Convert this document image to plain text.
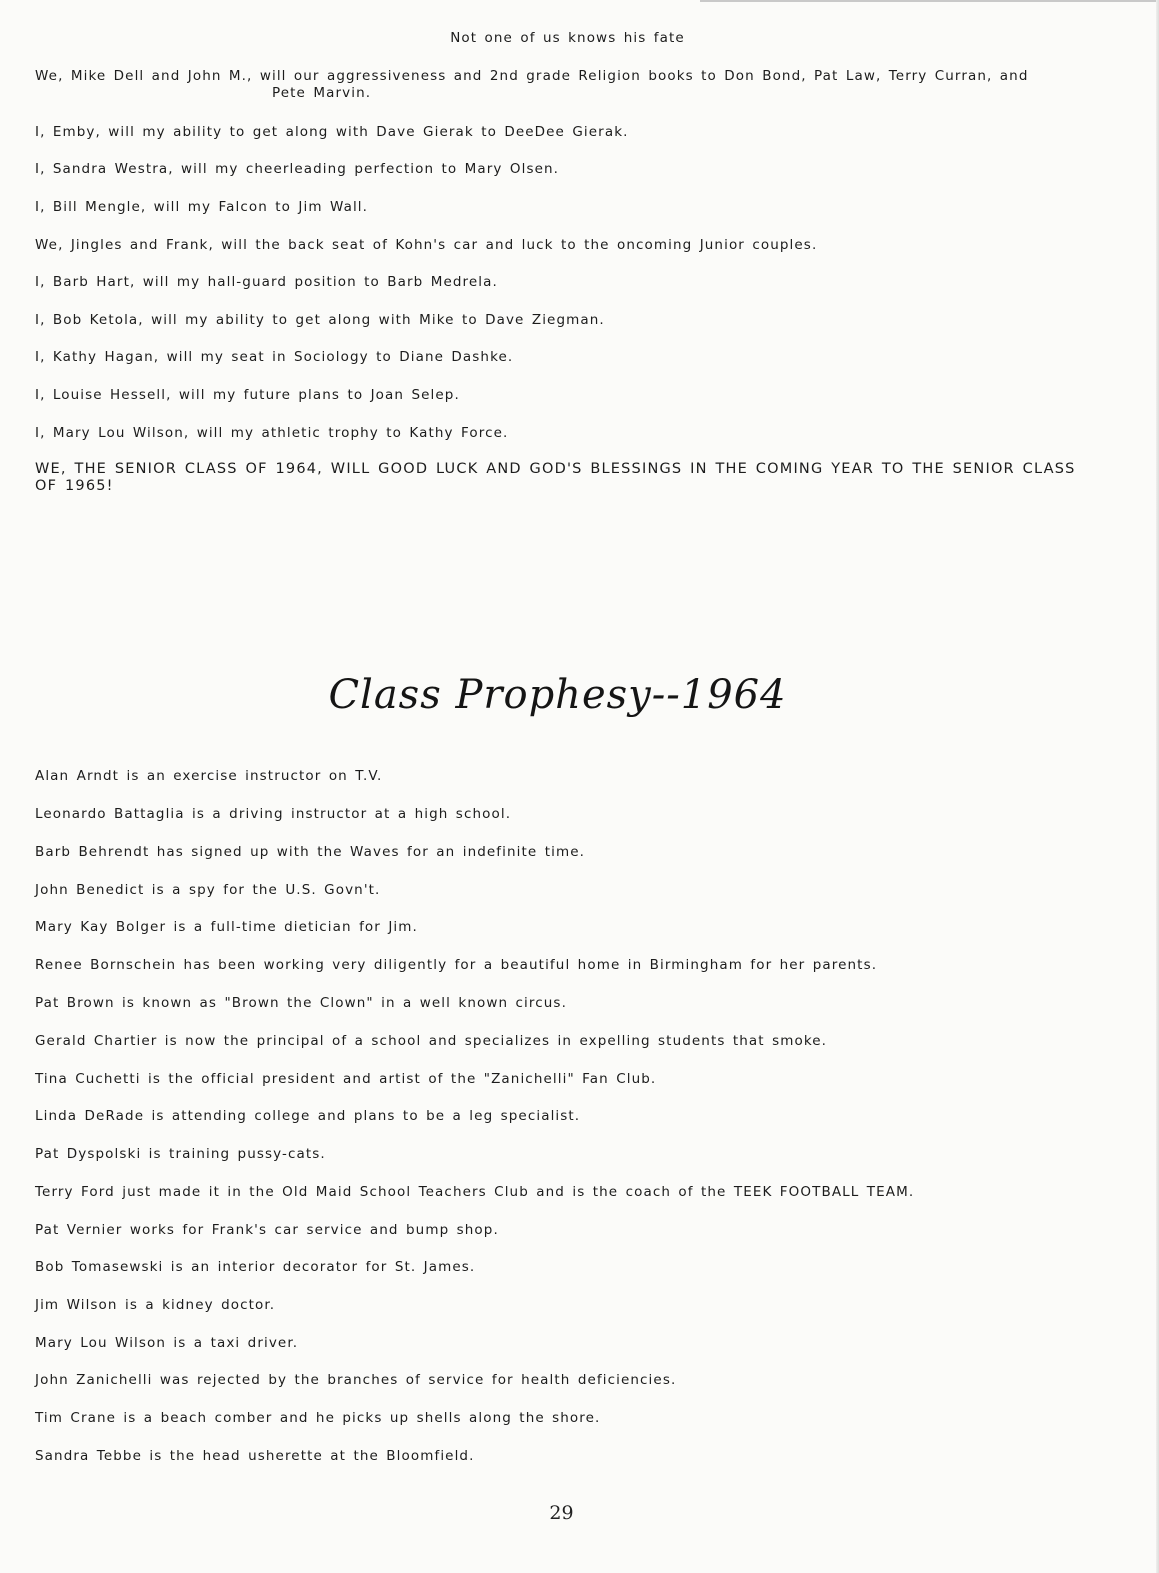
Not one of us knows his fate
We, Mike Dell and John M., will our aggressiveness and 2nd grade Religion books to Don Bond, Pat Law, Terry Curran, and
Pete Marvin.
I, Emby, will my ability to get along with Dave Gierak to DeeDee Gierak.
I, Sandra Westra, will my cheerleading perfection to Mary Olsen.
I, Bill Mengle, will my Falcon to Jim Wall.
We, Jingles and Frank, will the back seat of Kohn's car and luck to the oncoming Junior couples.
I, Barb Hart, will my hall-guard position to Barb Medrela.
I, Bob Ketola, will my ability to get along with Mike to Dave Ziegman.
I, Kathy Hagan, will my seat in Sociology to Diane Dashke.
I, Louise Hessell, will my future plans to Joan Selep.
I, Mary Lou Wilson, will my athletic trophy to Kathy Force.
WE, THE SENIOR CLASS OF 1964, WILL GOOD LUCK AND GOD'S BLESSINGS IN THE COMING YEAR TO THE SENIOR CLASS OF 1965!
Class Prophesy--1964
Alan Arndt is an exercise instructor on T.V.
Leonardo Battaglia is a driving instructor at a high school.
Barb Behrendt has signed up with the Waves for an indefinite time.
John Benedict is a spy for the U.S. Govn't.
Mary Kay Bolger is a full-time dietician for Jim.
Renee Bornschein has been working very diligently for a beautiful home in Birmingham for her parents.
Pat Brown is known as "Brown the Clown" in a well known circus.
Gerald Chartier is now the principal of a school and specializes in expelling students that smoke.
Tina Cuchetti is the official president and artist of the "Zanichelli" Fan Club.
Linda DeRade is attending college and plans to be a leg specialist.
Pat Dyspolski is training pussy-cats.
Terry Ford just made it in the Old Maid School Teachers Club and is the coach of the TEEK FOOTBALL TEAM.
Pat Vernier works for Frank's car service and bump shop.
Bob Tomasewski is an interior decorator for St. James.
Jim Wilson is a kidney doctor.
Mary Lou Wilson is a taxi driver.
John Zanichelli was rejected by the branches of service for health deficiencies.
Tim Crane is a beach comber and he picks up shells along the shore.
Sandra Tebbe is the head usherette at the Bloomfield.
29
